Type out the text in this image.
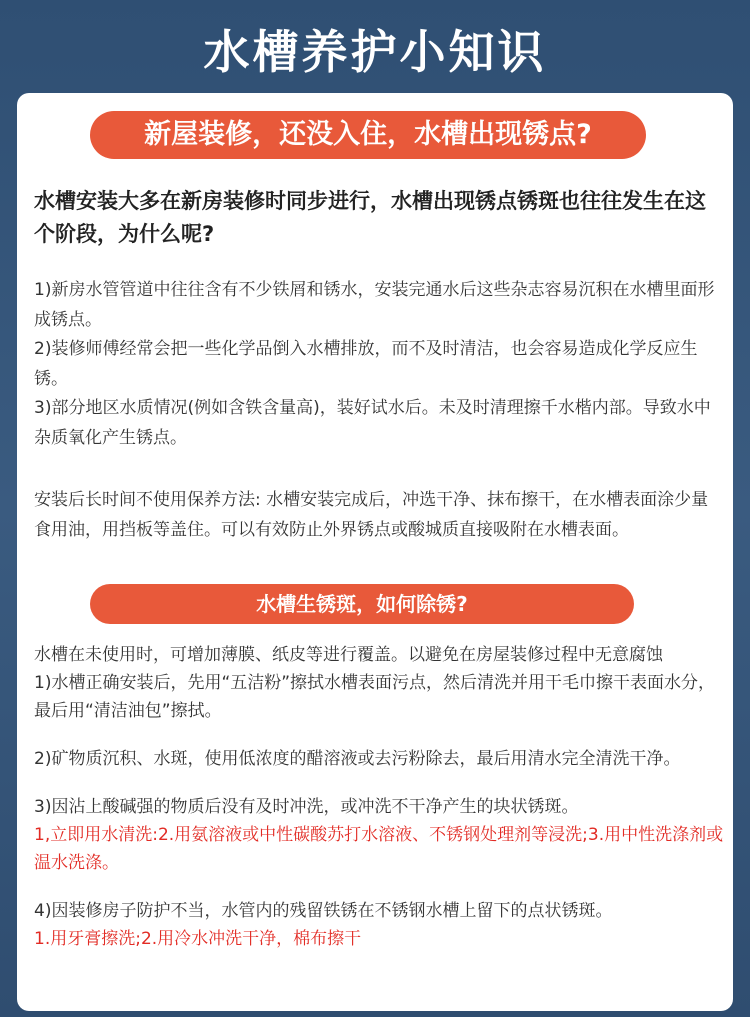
水槽养护小知识
新屋装修，还没入住，水槽出现锈点?
水槽安装大多在新房装修时同步进行，水槽出现锈点锈斑也往往发生在这个阶段，为什么呢?
1)新房水管管道中往往含有不少铁屑和锈水，安装完通水后这些杂志容易沉积在水槽里面形成锈点。
2)装修师傅经常会把一些化学品倒入水槽排放，而不及时清洁，也会容易造成化学反应生锈。
3)部分地区水质情况(例如含铁含量高)，装好试水后。未及时清理擦千水楷内部。导致水中杂质氧化产生锈点。
安装后长时间不使用保养方法: 水槽安装完成后，冲选干净、抹布擦干，在水槽表面涂少量食用油，用挡板等盖住。可以有效防止外界锈点或酸城质直接吸附在水槽表面。
水槽生锈斑，如何除锈?
水槽在未使用时，可增加薄膜、纸皮等进行覆盖。以避免在房屋装修过程中无意腐蚀
1)水槽正确安装后，先用“五洁粉”擦拭水槽表面污点，然后清洗并用干毛巾擦干表面水分，最后用“清洁油包”擦拭。
2)矿物质沉积、水斑，使用低浓度的醋溶液或去污粉除去，最后用清水完全清洗干净。
3)因沾上酸碱强的物质后没有及时冲洗，或冲洗不干净产生的块状锈斑。
1,立即用水清洗:2.用氨溶液或中性碳酸苏打水溶液、不锈钢处理剂等浸洗;3.用中性洗涤剂或温水洗涤。
4)因装修房子防护不当，水管内的残留铁锈在不锈钢水槽上留下的点状锈斑。
1.用牙膏擦洗;2.用冷水冲洗干净，棉布擦干
